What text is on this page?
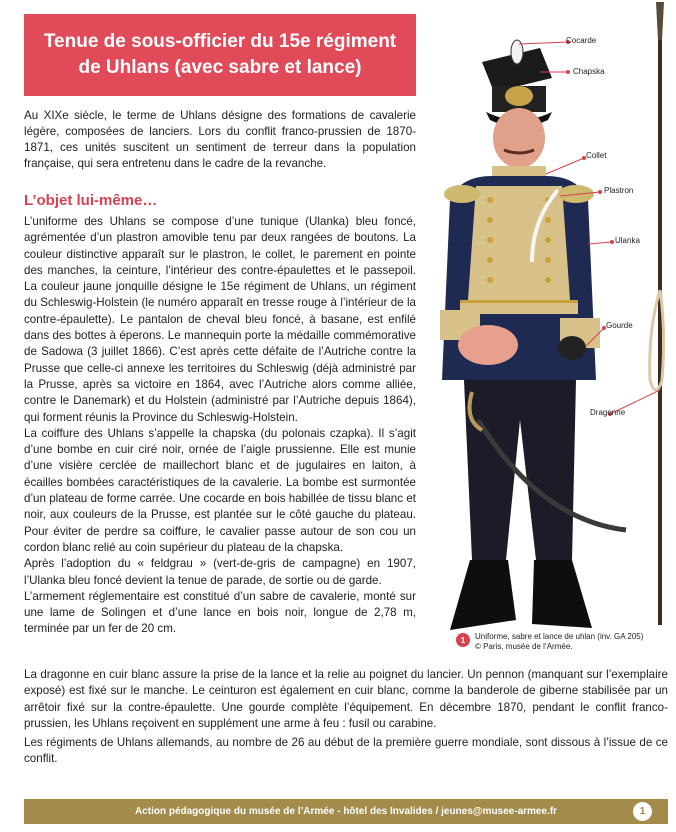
Tenue de sous-officier du 15e régiment
de Uhlans (avec sabre et lance)

Au XIXe siècle, le terme de Uhlans désigne des formations de cavalerie légère, composées de lanciers. Lors du conflit franco-prussien de 1870-1871, ces unités suscitent un sentiment de terreur dans la population française, qui sera entretenu dans le cadre de la revanche.

L’objet lui-même…

L’uniforme des Uhlans se compose d’une tunique (Ulanka) bleu foncé, agrémentée d’un plastron amovible tenu par deux rangées de boutons. La couleur distinctive apparaît sur le plastron, le collet, le parement en pointe des manches, la ceinture, l’intérieur des contre-épaulettes et le passepoil. La couleur jaune jonquille désigne le 15e régiment de Uhlans, un régiment du Schleswig-Holstein (le numéro apparaît en tresse rouge à l’intérieur de la contre-épaulette). Le pantalon de cheval bleu foncé, à basane, est enfilé dans des bottes à éperons. Le mannequin porte la médaille commémorative de Sadowa (3 juillet 1866). C’est après cette défaite de l’Autriche contre la Prusse que celle-ci annexe les territoires du Schleswig (déjà administré par la Prusse, après sa victoire en 1864, avec l’Autriche alors comme alliée, contre le Danemark) et du Holstein (administré par l’Autriche depuis 1864), qui forment réunis la Province du Schleswig-Holstein.

La coiffure des Uhlans s’appelle la chapska (du polonais czapka). Il s’agit d’une bombe en cuir ciré noir, ornée de l’aigle prussienne. Elle est munie d’une visière cerclée de maillechort blanc et de jugulaires en laiton, à écailles bombées caractéristiques de la cavalerie. La bombe est surmontée d’un plateau de forme carrée. Une cocarde en bois habillée de tissu blanc et noir, aux couleurs de la Prusse, est plantée sur le côté gauche du plateau. Pour éviter de perdre sa coiffure, le cavalier passe autour de son cou un cordon blanc relié au coin supérieur du plateau de la chapska.

Après l’adoption du « feldgrau » (vert-de-gris de campagne) en 1907, l’Ulanka bleu foncé devient la tenue de parade, de sortie ou de garde.

L’armement réglementaire est constitué d’un sabre de cavalerie, monté sur une lame de Solingen et d’une lance en bois noir, longue de 2,78 m, terminée par un fer de 20 cm.

La dragonne en cuir blanc assure la prise de la lance et la relie au poignet du lancier. Un pennon (manquant sur l’exemplaire exposé) est fixé sur le manche. Le ceinturon est également en cuir blanc, comme la banderole de giberne stabilisée par un arrêtoir fixé sur la contre-épaulette. Une gourde complète l’équipement. En décembre 1870, pendant le conflit franco-prussien, les Uhlans reçoivent en supplément une arme à feu : fusil ou carabine.

Les régiments de Uhlans allemands, au nombre de 26 au début de la première guerre mondiale, sont dissous à l’issue de ce conflit.

Cocarde
Chapska
Collet
Plastron
Ulanka
Gourde
Dragonne
1	Uniforme, sabre et lance de uhlan (inv. GA 205)
© Paris, musée de l’Armée.
Action pédagogique du musée de l’Armée - hôtel des Invalides / jeunes@musee-armee.fr	1
